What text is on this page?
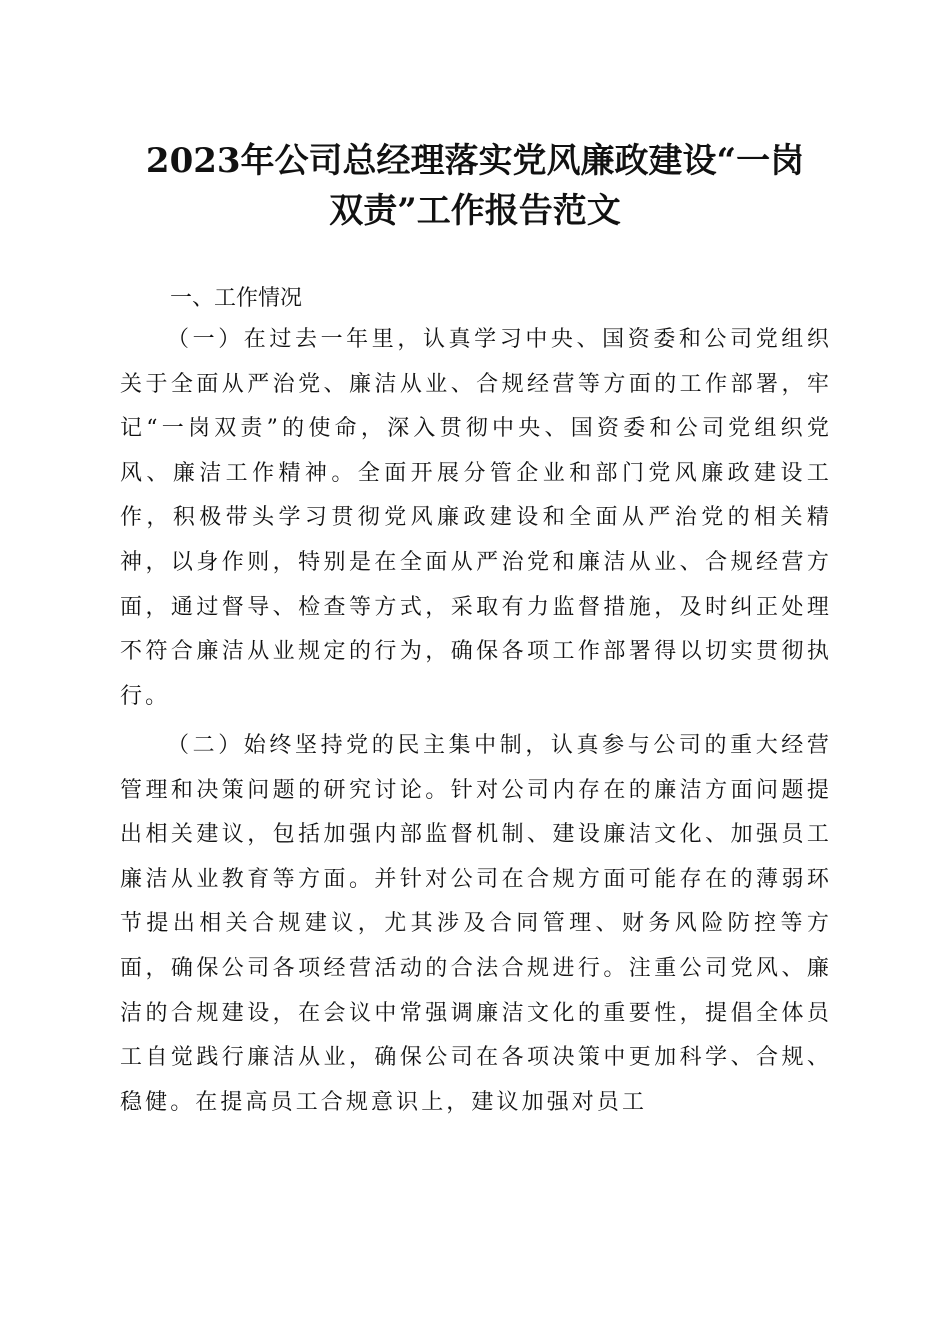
2023年公司总经理落实党风廉政建设“一岗
双责”工作报告范文
一、工作情况

（一）在过去一年里，认真学习中央、国资委和公司党组织关于全面从严治党、廉洁从业、合规经营等方面的工作部署，牢记“一岗双责”的使命，深入贯彻中央、国资委和公司党组织党风、廉洁工作精神。全面开展分管企业和部门党风廉政建设工作，积极带头学习贯彻党风廉政建设和全面从严治党的相关精神，以身作则，特别是在全面从严治党和廉洁从业、合规经营方面，通过督导、检查等方式，采取有力监督措施，及时纠正处理不符合廉洁从业规定的行为，确保各项工作部署得以切实贯彻执行。

（二）始终坚持党的民主集中制，认真参与公司的重大经营管理和决策问题的研究讨论。针对公司内存在的廉洁方面问题提出相关建议，包括加强内部监督机制、建设廉洁文化、加强员工廉洁从业教育等方面。并针对公司在合规方面可能存在的薄弱环节提出相关合规建议，尤其涉及合同管理、财务风险防控等方面，确保公司各项经营活动的合法合规进行。注重公司党风、廉洁的合规建设，在会议中常强调廉洁文化的重要性，提倡全体员工自觉践行廉洁从业，确保公司在各项决策中更加科学、合规、稳健。在提高员工合规意识上，建议加强对员工
